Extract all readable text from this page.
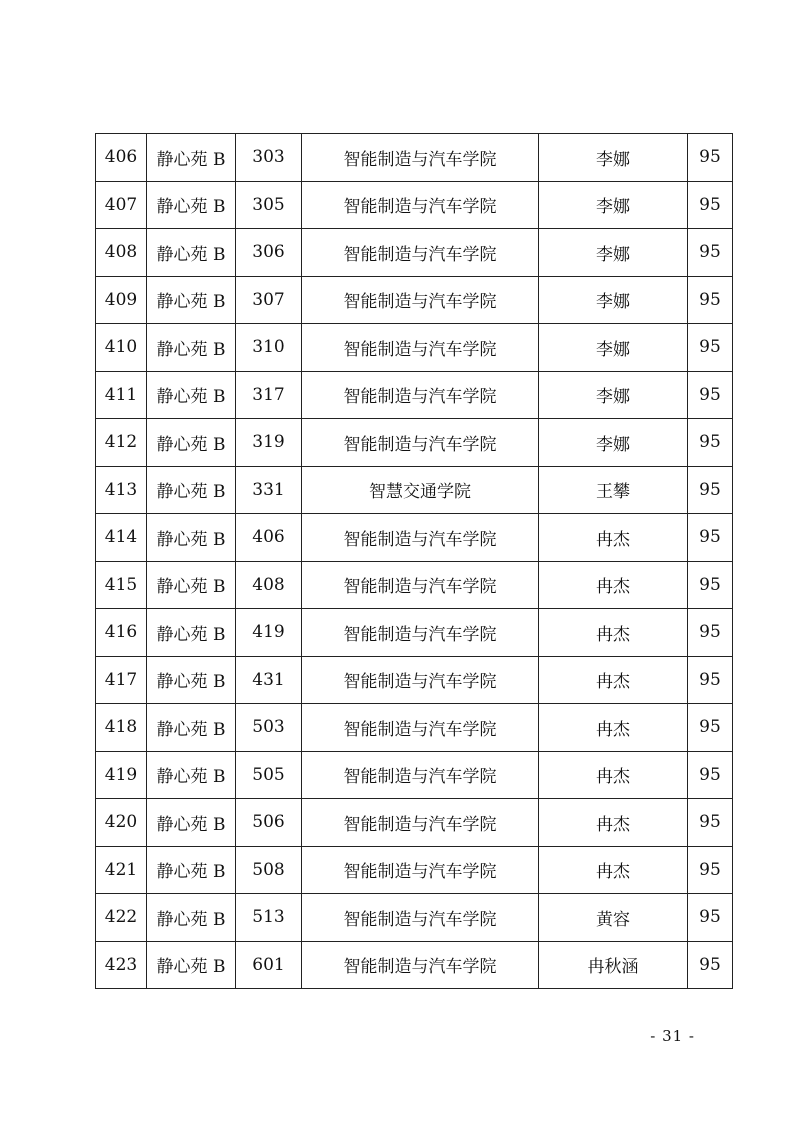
406	静心苑 B	303	智能制造与汽车学院	李娜	95
407	静心苑 B	305	智能制造与汽车学院	李娜	95
408	静心苑 B	306	智能制造与汽车学院	李娜	95
409	静心苑 B	307	智能制造与汽车学院	李娜	95
410	静心苑 B	310	智能制造与汽车学院	李娜	95
411	静心苑 B	317	智能制造与汽车学院	李娜	95
412	静心苑 B	319	智能制造与汽车学院	李娜	95
413	静心苑 B	331	智慧交通学院	王攀	95
414	静心苑 B	406	智能制造与汽车学院	冉杰	95
415	静心苑 B	408	智能制造与汽车学院	冉杰	95
416	静心苑 B	419	智能制造与汽车学院	冉杰	95
417	静心苑 B	431	智能制造与汽车学院	冉杰	95
418	静心苑 B	503	智能制造与汽车学院	冉杰	95
419	静心苑 B	505	智能制造与汽车学院	冉杰	95
420	静心苑 B	506	智能制造与汽车学院	冉杰	95
421	静心苑 B	508	智能制造与汽车学院	冉杰	95
422	静心苑 B	513	智能制造与汽车学院	黄容	95
423	静心苑 B	601	智能制造与汽车学院	冉秋涵	95
- 31 -
